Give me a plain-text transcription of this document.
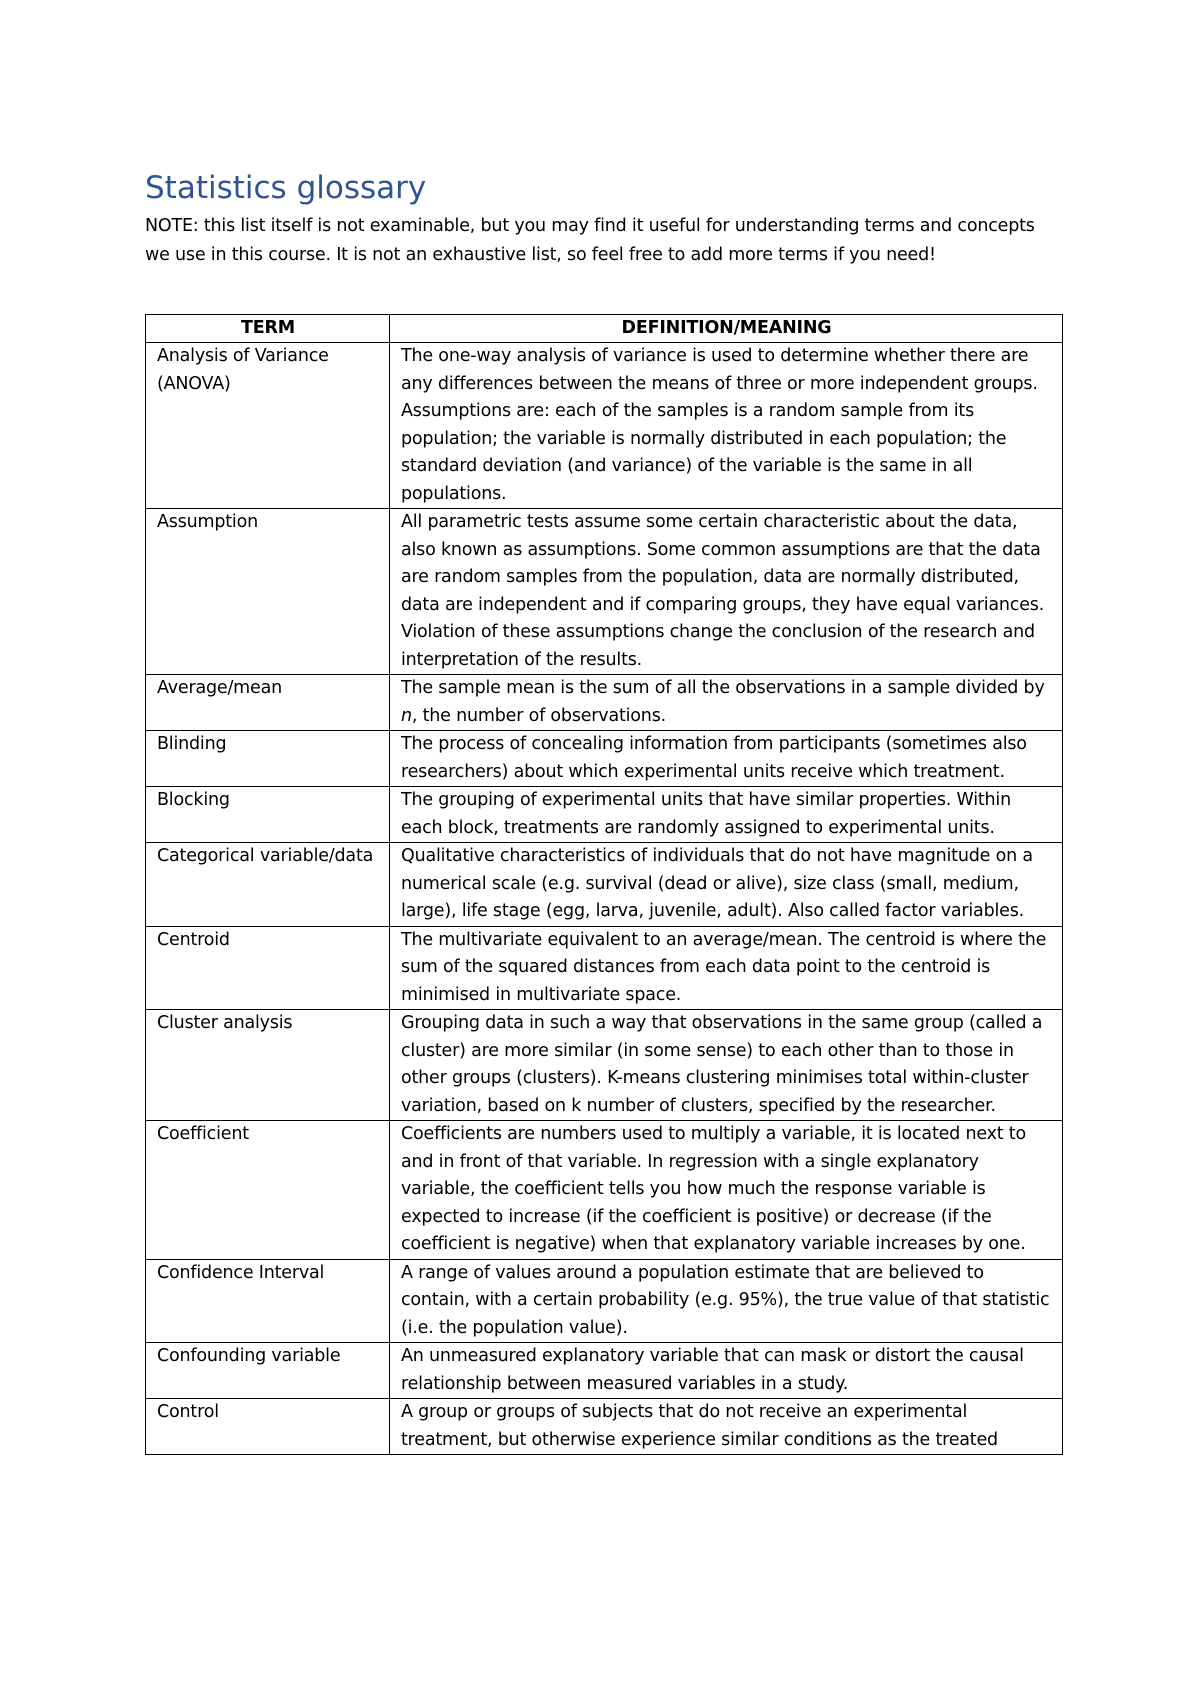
Statistics glossary

NOTE: this list itself is not examinable, but you may find it useful for understanding terms and concepts we use in this course. It is not an exhaustive list, so feel free to add more terms if you need!

TERM	DEFINITION/MEANING
Analysis of Variance (ANOVA)	The one-way analysis of variance is used to determine whether there are any differences between the means of three or more independent groups. Assumptions are: each of the samples is a random sample from its population; the variable is normally distributed in each population; the standard deviation (and variance) of the variable is the same in all populations.
Assumption	All parametric tests assume some certain characteristic about the data, also known as assumptions. Some common assumptions are that the data are random samples from the population, data are normally distributed, data are independent and if comparing groups, they have equal variances. Violation of these assumptions change the conclusion of the research and interpretation of the results.
Average/mean	The sample mean is the sum of all the observations in a sample divided by n, the number of observations.
Blinding	The process of concealing information from participants (sometimes also researchers) about which experimental units receive which treatment.
Blocking	The grouping of experimental units that have similar properties. Within each block, treatments are randomly assigned to experimental units.
Categorical variable/data	Qualitative characteristics of individuals that do not have magnitude on a numerical scale (e.g. survival (dead or alive), size class (small, medium, large), life stage (egg, larva, juvenile, adult). Also called factor variables.
Centroid	The multivariate equivalent to an average/mean. The centroid is where the sum of the squared distances from each data point to the centroid is minimised in multivariate space.
Cluster analysis	Grouping data in such a way that observations in the same group (called a cluster) are more similar (in some sense) to each other than to those in other groups (clusters). K-means clustering minimises total within-cluster variation, based on k number of clusters, specified by the researcher.
Coefficient	Coefficients are numbers used to multiply a variable, it is located next to and in front of that variable. In regression with a single explanatory variable, the coefficient tells you how much the response variable is expected to increase (if the coefficient is positive) or decrease (if the coefficient is negative) when that explanatory variable increases by one.
Confidence Interval	A range of values around a population estimate that are believed to contain, with a certain probability (e.g. 95%), the true value of that statistic (i.e. the population value).
Confounding variable	An unmeasured explanatory variable that can mask or distort the causal relationship between measured variables in a study.
Control	A group or groups of subjects that do not receive an experimental treatment, but otherwise experience similar conditions as the treated
